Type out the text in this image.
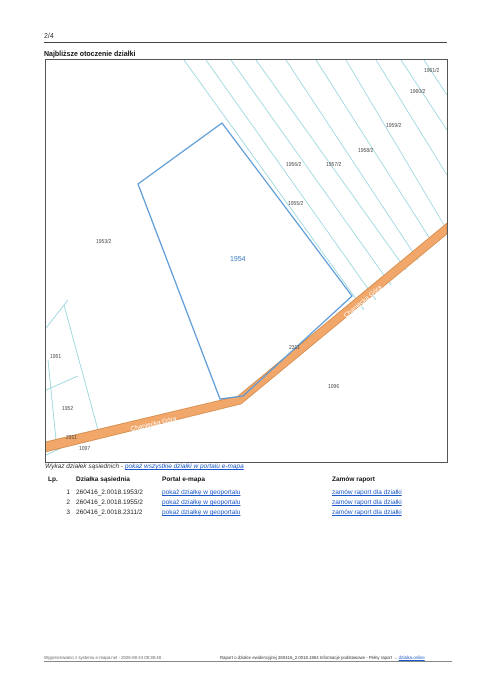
2/4
Najbliższe otoczenie działki
1961/2
1960/2
1959/2
1958/2
1957/2
1956/2
1955/2
1953/2
1951
1952
2311
2311
1096
1097
1954
Chanięcka Góra
Chanięcka Góra
Wykaz działek sąsiednich - pokaż wszystkie działki w portalu e-mapa
Lp.	Działka sąsiednia	Portal e-mapa	Zamów raport
1	260416_2.0018.1953/2	pokaż działkę w geoportalu	zamów raport dla działki
2	260416_2.0018.1955/2	pokaż działkę w geoportalu	zamów raport dla działki
3	260416_2.0018.2311/2	pokaż działkę w geoportalu	zamów raport dla działki
Wygenerowano z systemu e-mapa.net - 2026-08-24 09:39:48	Raport o działce ewidencyjnej 260416_2.0018.1954 Informacje podstawowe - Pełny raport → dzialka.online
